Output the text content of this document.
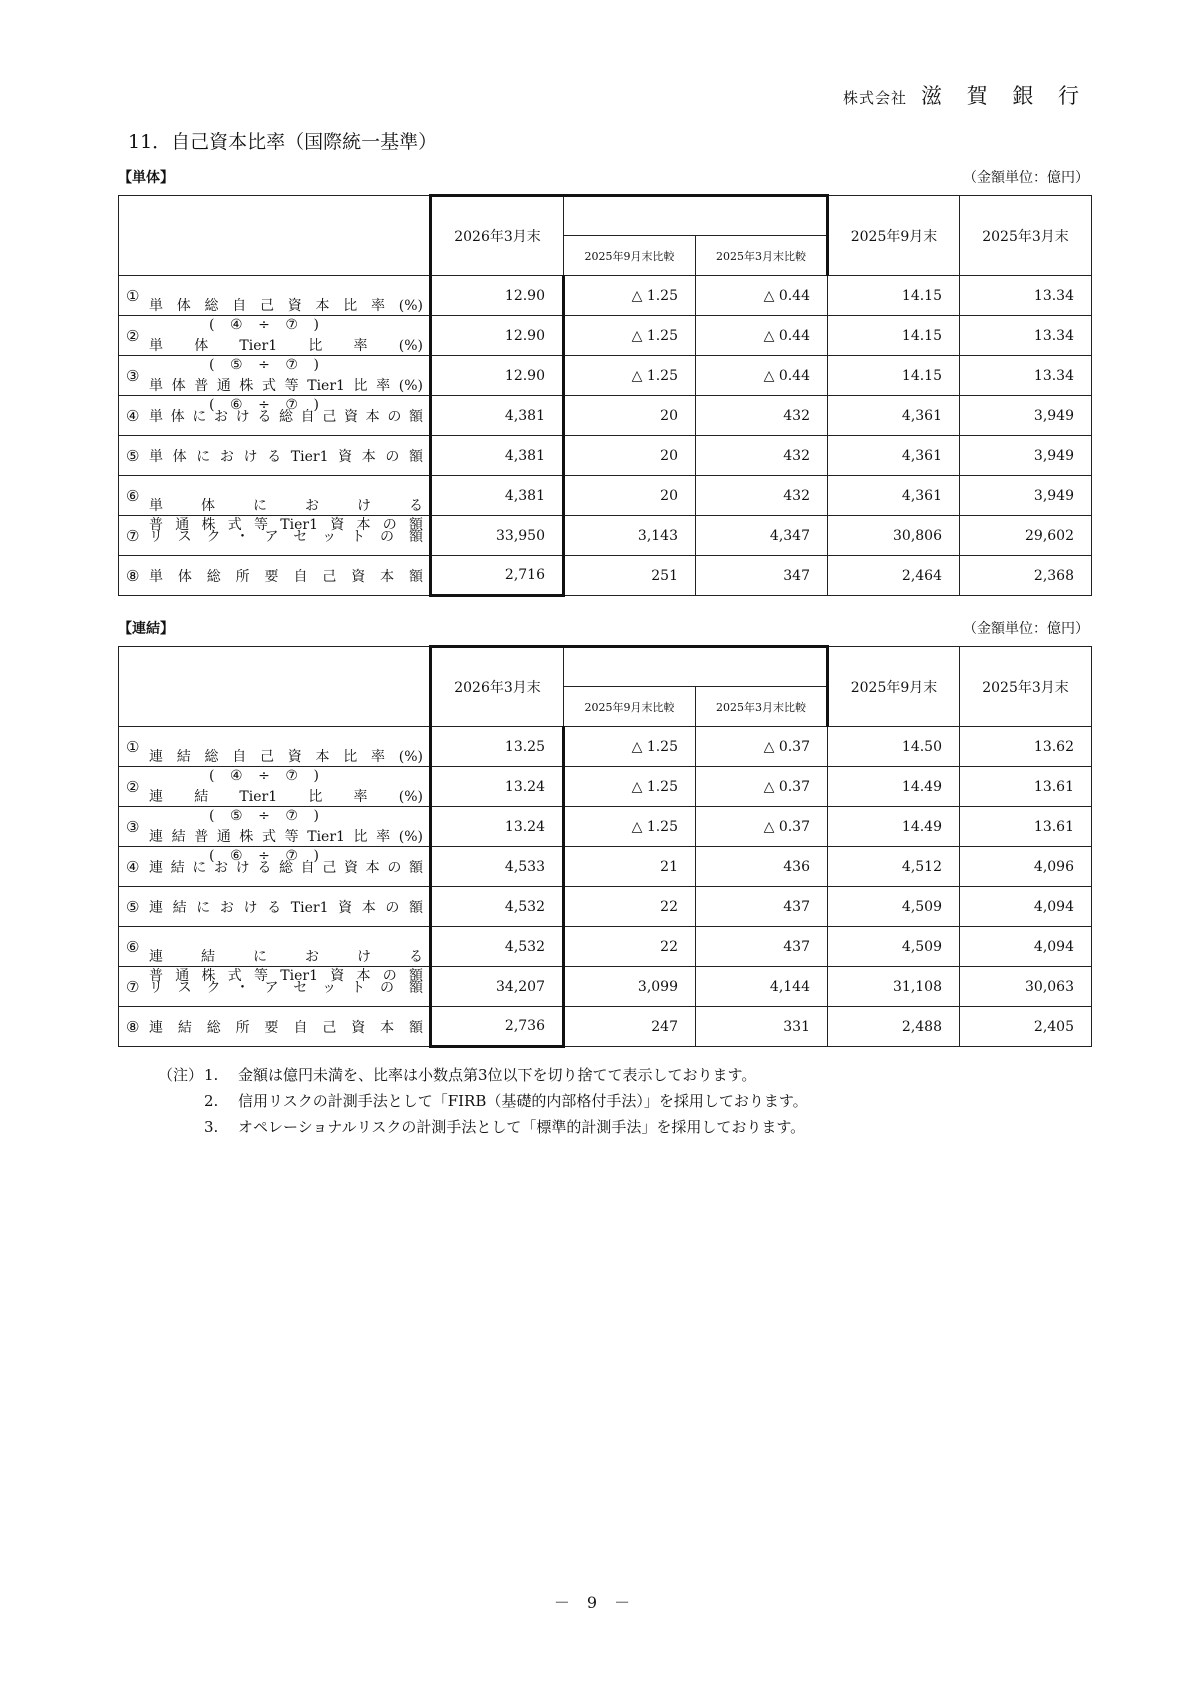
株式会社 滋 賀 銀 行
11．自己資本比率（国際統一基準）
【単体】	（金額単位：億円）
	2026年3月末			2025年9月末	2025年3月末
		2025年9月末比較	2025年3月末比較		

①
単体総自己資本比率(%)
(④÷⑦)	12.90	△ 1.25	△ 0.44	14.15	13.34

②
単体Tier1比率(%)
(⑤÷⑦)	12.90	△ 1.25	△ 0.44	14.15	13.34

③
単体普通株式等Tier1比率(%)
(⑥÷⑦)	12.90	△ 1.25	△ 0.44	14.15	13.34

④ 単体における総自己資本の額	4,381	20	432	4,361	3,949

⑤ 単体におけるTier1資本の額	4,381	20	432	4,361	3,949

⑥
単体における
普通株式等Tier1資本の額	4,381	20	432	4,361	3,949

⑦ リスク・アセットの額	33,950	3,143	4,347	30,806	29,602

⑧ 単体総所要自己資本額	2,716	251	347	2,464	2,368
【連結】	（金額単位：億円）
	2026年3月末			2025年9月末	2025年3月末
		2025年9月末比較	2025年3月末比較		

①
連結総自己資本比率(%)
(④÷⑦)	13.25	△ 1.25	△ 0.37	14.50	13.62

②
連結Tier1比率(%)
(⑤÷⑦)	13.24	△ 1.25	△ 0.37	14.49	13.61

③
連結普通株式等Tier1比率(%)
(⑥÷⑦)	13.24	△ 1.25	△ 0.37	14.49	13.61

④ 連結における総自己資本の額	4,533	21	436	4,512	4,096

⑤ 連結におけるTier1資本の額	4,532	22	437	4,509	4,094

⑥
連結における
普通株式等Tier1資本の額	4,532	22	437	4,509	4,094

⑦ リスク・アセットの額	34,207	3,099	4,144	31,108	30,063

⑧ 連結総所要自己資本額	2,736	247	331	2,488	2,405
（注） 1.	金額は億円未満を、比率は小数点第3位以下を切り捨てて表示しております。
2.	信用リスクの計測手法として「FIRB（基礎的内部格付手法）」を採用しております。
3.	オペレーショナルリスクの計測手法として「標準的計測手法」を採用しております。
－ 9 －
